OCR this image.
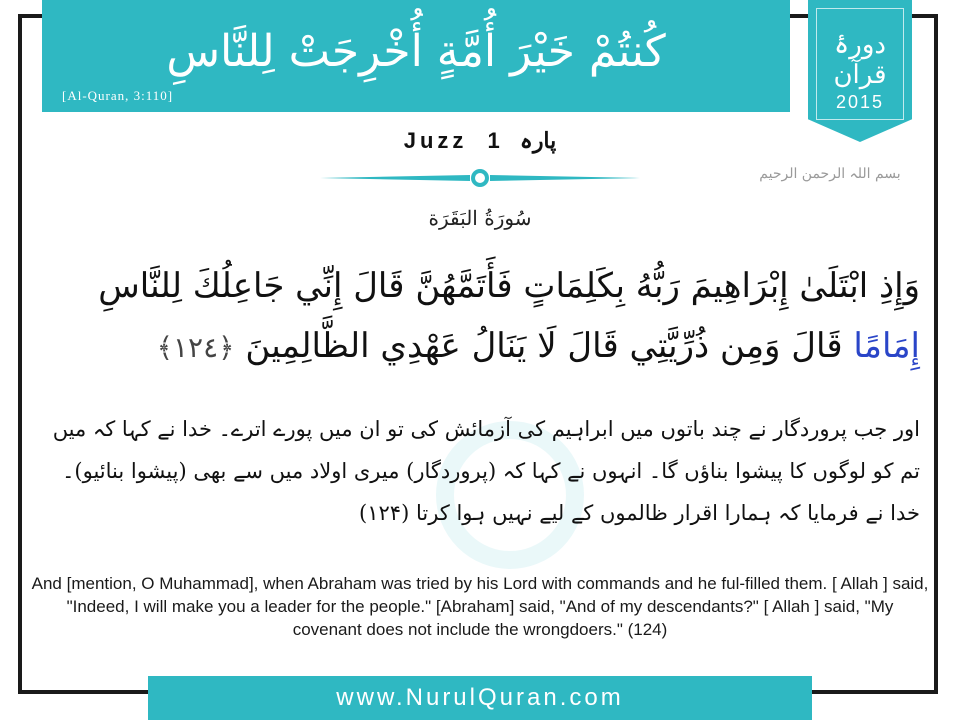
كُنتُمْ خَيْرَ أُمَّةٍ أُخْرِجَتْ لِلنَّاسِ
[Al-Quran, 3:110]
دورۂ قرآن
2015
Juzz 1 پارہ
بسم اللہ الرحمن الرحیم
سُورَةُ البَقَرَة
وَإِذِ ابْتَلَىٰ إِبْرَاهِيمَ رَبُّهُ بِكَلِمَاتٍ فَأَتَمَّهُنَّ قَالَ إِنِّي جَاعِلُكَ لِلنَّاسِ إِمَامًا قَالَ وَمِن ذُرِّيَّتِي قَالَ لَا يَنَالُ عَهْدِي الظَّالِمِينَ ﴿١٢٤﴾
اور جب پروردگار نے چند باتوں میں ابراہیم کی آزمائش کی تو ان میں پورے اترے۔ خدا نے کہا کہ میں تم کو لوگوں کا پیشوا بناؤں گا۔ انہوں نے کہا کہ (پروردگار) میری اولاد میں سے بھی (پیشوا بنائیو)۔ خدا نے فرمایا کہ ہمارا اقرار ظالموں کے لیے نہیں ہوا کرتا (۱۲۴)
And [mention, O Muhammad], when Abraham was tried by his Lord with commands and he ful-filled them. [ Allah ] said, "Indeed, I will make you a leader for the people." [Abraham] said, "And of my descendants?" [ Allah ] said, "My covenant does not include the wrongdoers." (124)
www.NurulQuran.com
